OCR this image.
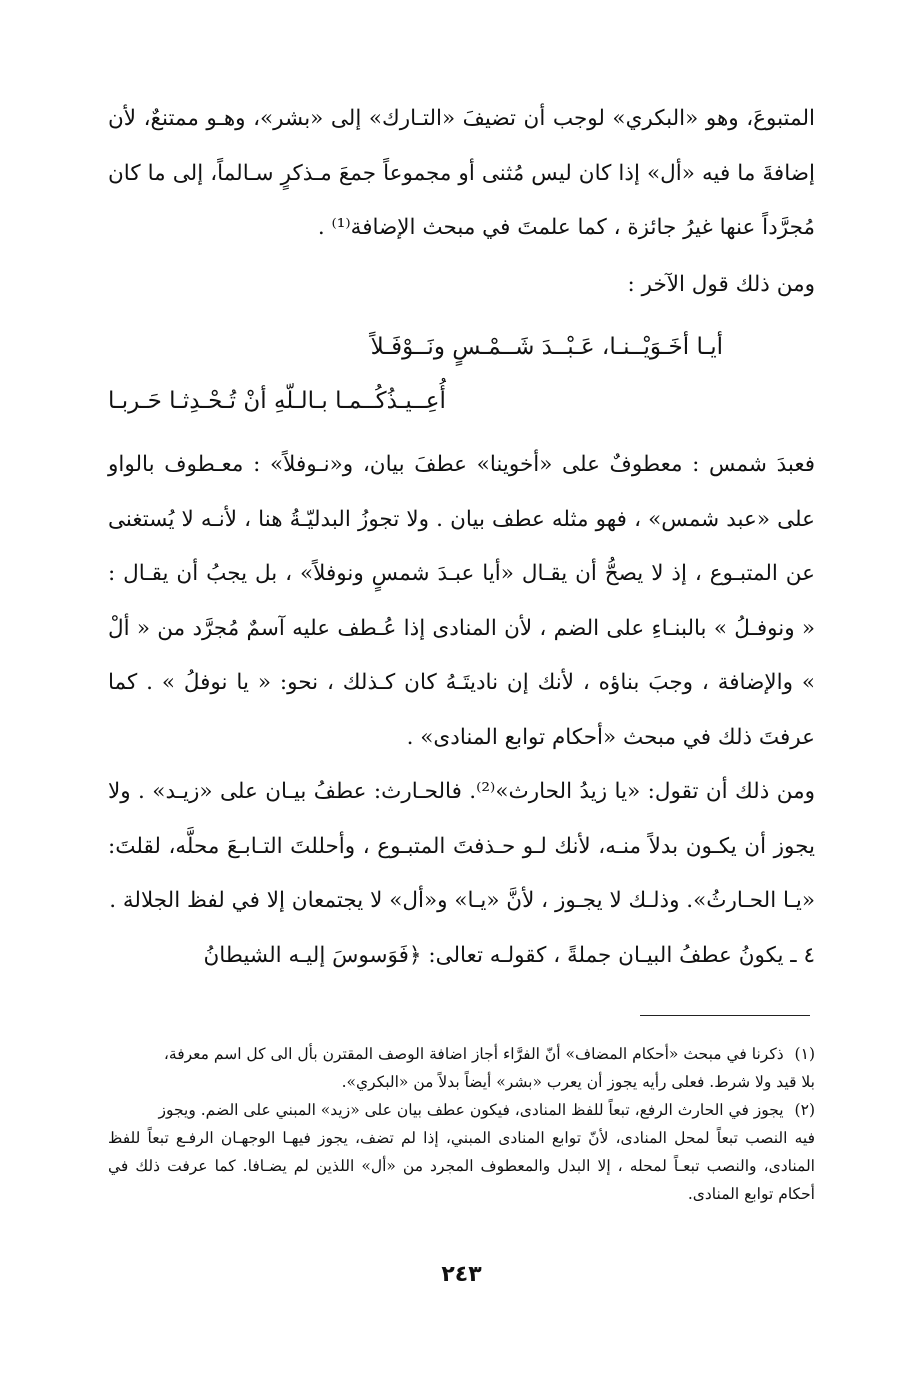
المتبوعَ، وهو «البكري» لوجب أن تضيفَ «التـارك» إلى «بشر»، وهـو ممتنعٌ، لأن إضافةَ ما فيه «أل» إذا كان ليس مُثنى أو مجموعاً جمعَ مـذكرٍ سـالماً، إلى ما كان مُجرَّداً عنها غيرُ جائزة ، كما علمتَ في مبحث الإضافة⁽¹⁾ .

ومن ذلك قول الآخر :

أيـا أخَـوَيْــنـا، عَـبْــدَ شَــمْـسٍ ونَــوْفَـلاً

أُعِــيـذُكُــمـا بـالـلّهِ أنْ تُـحْـدِثـا حَـربـا

فعبدَ شمس : معطوفٌ على «أخوينا» عطفَ بيان، و«نـوفلاً» : معـطوف بالواو على «عبد شمس» ، فهو مثله عطف بيان . ولا تجوزُ البدليّـةُ هنا ، لأنـه لا يُستغنى عن المتبـوع ، إذ لا يصحُّ أن يقـال «أيا عبـدَ شمسٍ ونوفلاً» ، بل يجبُ أن يقـال : « ونوفـلُ » بالبنـاءِ على الضم ، لأن المنادى إذا عُـطف عليه آسمٌ مُجرَّد من « ألْ » والإضافة ، وجبَ بناؤه ، لأنك إن ناديتَـهُ كان كـذلك ، نحو: « يا نوفلُ » . كما عرفتَ ذلك في مبحث «أحكام توابع المنادى» .

ومن ذلك أن تقول: «يا زيدُ الحارث»⁽²⁾. فالحـارث: عطفُ بيـان على «زيـد» . ولا يجوز أن يكـون بدلاً منـه، لأنك لـو حـذفتَ المتبـوع ، وأحللتَ التـابـعَ محلَّه، لقلتَ: «يـا الحـارثُ». وذلـك لا يجـوز ، لأنَّ «يـا» و«أل» لا يجتمعان إلا في لفظ الجلالة .

٤ ـ يكونُ عطفُ البيـان جملةً ، كقولـه تعالى: ﴿فَوَسوسَ إليـه الشيطانُ

(١) ذكرنا في مبحث «أحكام المضاف» أنّ الفرَّاء أجاز اضافة الوصف المقترن بأل الى كل اسم معرفة،

بلا قيد ولا شرط. فعلى رأيه يجوز أن يعرب «بشر» أيضاً بدلاً من «البكري».

(٢) يجوز في الحارث الرفع، تبعاً للفظ المنادى، فيكون عطف بيان على «زيد» المبني على الضم. ويجوز

فيه النصب تبعاً لمحل المنادى، لأنّ توابع المنادى المبني، إذا لم تضف، يجوز فيهـا الوجهـان الرفـع تبعاً للفظ المنادى، والنصب تبعـاً لمحله ، إلا البدل والمعطوف المجرد من «أل» اللذين لم يضـافا. كما عرفت ذلك في أحكام توابع المنادى.

٢٤٣
